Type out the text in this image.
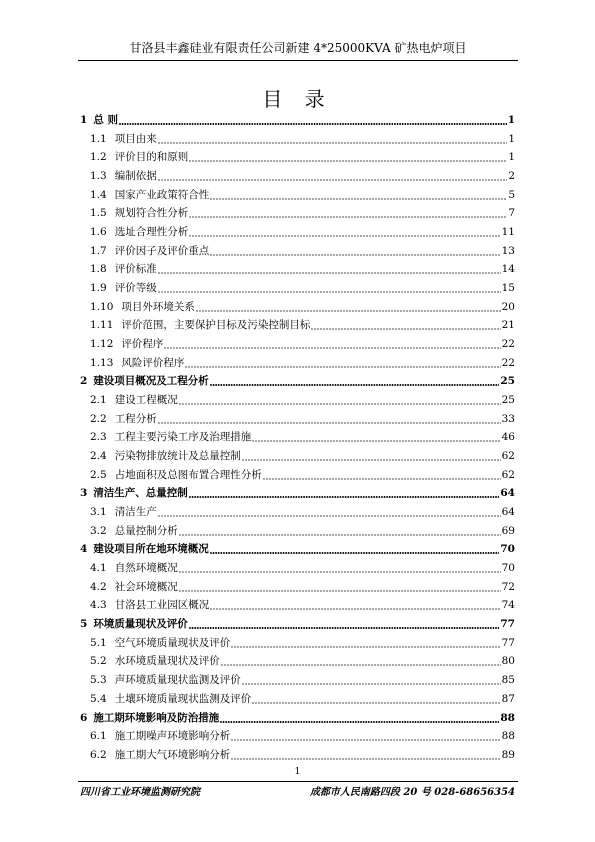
甘洛县丰鑫硅业有限责任公司新建 4*25000KVA 矿热电炉项目
目 录
1 总 则	1
1.1 项目由来	1
1.2 评价目的和原则	1
1.3 编制依据	2
1.4 国家产业政策符合性	5
1.5 规划符合性分析	7
1.6 选址合理性分析	11
1.7 评价因子及评价重点	13
1.8 评价标准	14
1.9 评价等级	15
1.10 项目外环境关系	20
1.11 评价范围，主要保护目标及污染控制目标	21
1.12 评价程序	22
1.13 风险评价程序	22
2 建设项目概况及工程分析	25
2.1 建设工程概况	25
2.2 工程分析	33
2.3 工程主要污染工序及治理措施	46
2.4 污染物排放统计及总量控制	62
2.5 占地面积及总图布置合理性分析	62
3 清洁生产、总量控制	64
3.1 清洁生产	64
3.2 总量控制分析	69
4 建设项目所在地环境概况	70
4.1 自然环境概况	70
4.2 社会环境概况	72
4.3 甘洛县工业园区概况	74
5 环境质量现状及评价	77
5.1 空气环境质量现状及评价	77
5.2 水环境质量现状及评价	80
5.3 声环境质量现状监测及评价	85
5.4 土壤环境质量现状监测及评价	87
6 施工期环境影响及防治措施	88
6.1 施工期噪声环境影响分析	88
6.2 施工期大气环境影响分析	89
1
四川省工业环境监测研究院	成都市人民南路四段 20 号 028-68656354
